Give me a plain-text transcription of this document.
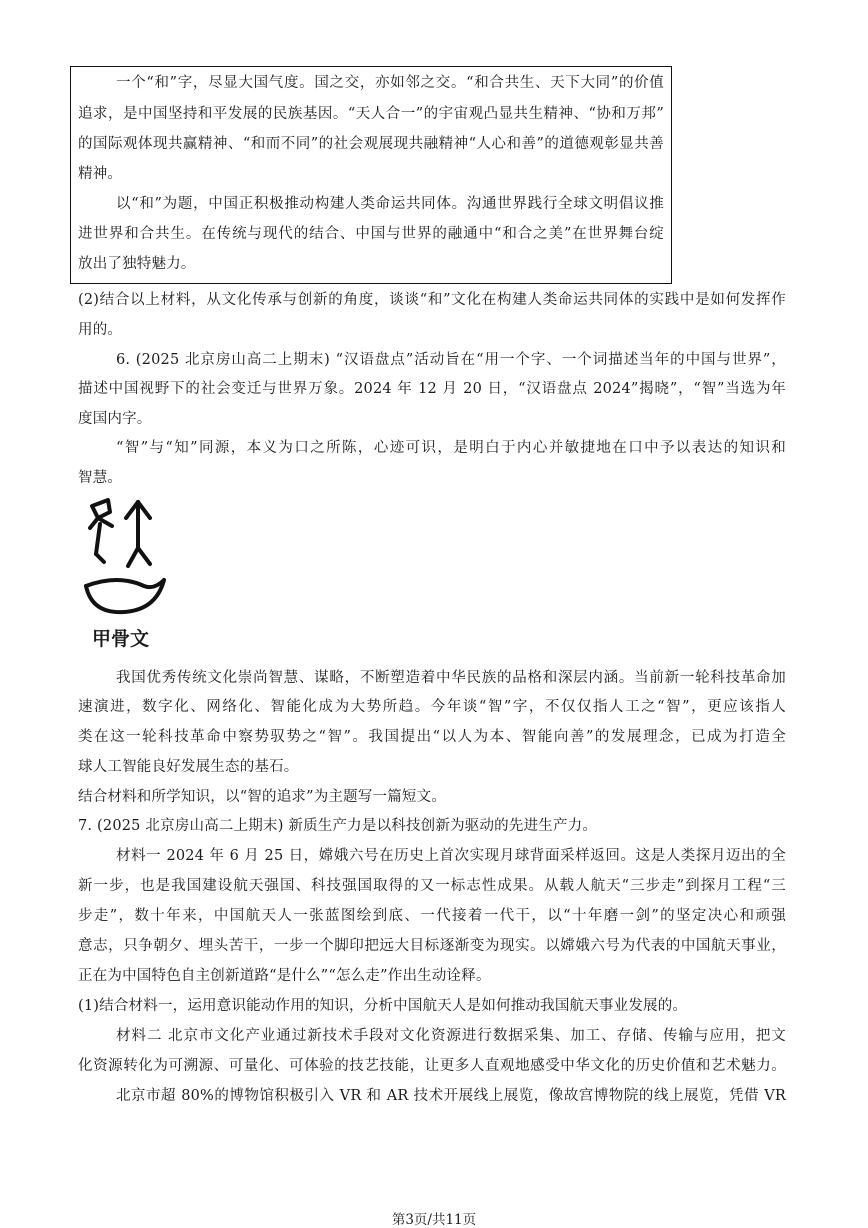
一个“和”字，尽显大国气度。国之交，亦如邻之交。“和合共生、天下大同”的价值
追求，是中国坚持和平发展的民族基因。“天人合一”的宇宙观凸显共生精神、“协和万邦”
的国际观体现共赢精神、“和而不同”的社会观展现共融精神“人心和善”的道德观彰显共善
精神。
以“和”为题，中国正积极推动构建人类命运共同体。沟通世界践行全球文明倡议推
进世界和合共生。在传统与现代的结合、中国与世界的融通中“和合之美”在世界舞台绽
放出了独特魅力。
(2)结合以上材料，从文化传承与创新的角度，谈谈“和”文化在构建人类命运共同体的实践中是如何发挥作
用的。
6. (2025 北京房山高二上期末) “汉语盘点”活动旨在“用一个字、一个词描述当年的中国与世界”，
描述中国视野下的社会变迁与世界万象。2024 年 12 月 20 日，“汉语盘点 2024”揭晓”，“智”当选为年
度国内字。
“智”与“知”同源，本义为口之所陈，心迹可识，是明白于内心并敏捷地在口中予以表达的知识和
智慧。
甲骨文
我国优秀传统文化崇尚智慧、谋略，不断塑造着中华民族的品格和深层内涵。当前新一轮科技革命加
速演进，数字化、网络化、智能化成为大势所趋。今年谈“智”字，不仅仅指人工之“智”，更应该指人
类在这一轮科技革命中察势驭势之“智”。我国提出“以人为本、智能向善”的发展理念，已成为打造全
球人工智能良好发展生态的基石。
结合材料和所学知识，以“智的追求”为主题写一篇短文。
7. (2025 北京房山高二上期末) 新质生产力是以科技创新为驱动的先进生产力。
材料一 2024 年 6 月 25 日，嫦娥六号在历史上首次实现月球背面采样返回。这是人类探月迈出的全
新一步，也是我国建设航天强国、科技强国取得的又一标志性成果。从载人航天“三步走”到探月工程“三
步走”，数十年来，中国航天人一张蓝图绘到底、一代接着一代干，以“十年磨一剑”的坚定决心和顽强
意志，只争朝夕、埋头苦干，一步一个脚印把远大目标逐渐变为现实。以嫦娥六号为代表的中国航天事业，
正在为中国特色自主创新道路“是什么”“怎么走”作出生动诠释。
(1)结合材料一，运用意识能动作用的知识，分析中国航天人是如何推动我国航天事业发展的。
材料二 北京市文化产业通过新技术手段对文化资源进行数据采集、加工、存储、传输与应用，把文
化资源转化为可溯源、可量化、可体验的技艺技能，让更多人直观地感受中华文化的历史价值和艺术魅力。
北京市超 80%的博物馆积极引入 VR 和 AR 技术开展线上展览，像故宫博物院的线上展览，凭借 VR
第3页/共11页
